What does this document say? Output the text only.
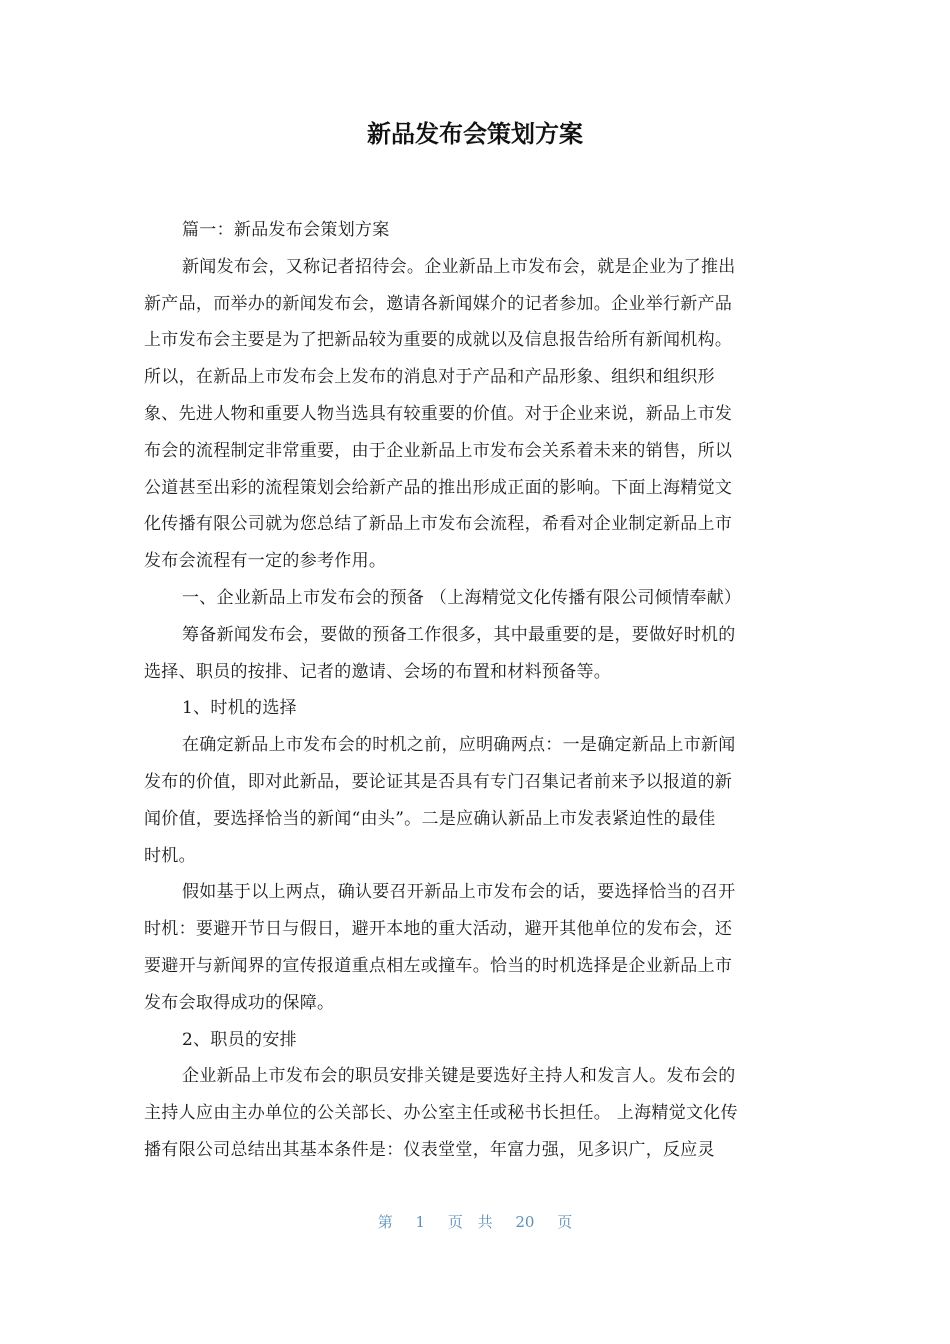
新品发布会策划方案
篇一：新品发布会策划方案
新闻发布会，又称记者招待会。企业新品上市发布会，就是企业为了推出
新产品，而举办的新闻发布会，邀请各新闻媒介的记者参加。企业举行新产品
上市发布会主要是为了把新品较为重要的成就以及信息报告给所有新闻机构。
所以，在新品上市发布会上发布的消息对于产品和产品形象、组织和组织形
象、先进人物和重要人物当选具有较重要的价值。对于企业来说，新品上市发
布会的流程制定非常重要，由于企业新品上市发布会关系着未来的销售，所以
公道甚至出彩的流程策划会给新产品的推出形成正面的影响。下面上海精觉文
化传播有限公司就为您总结了新品上市发布会流程，希看对企业制定新品上市
发布会流程有一定的参考作用。
一、企业新品上市发布会的预备 （上海精觉文化传播有限公司倾情奉献）
筹备新闻发布会，要做的预备工作很多，其中最重要的是，要做好时机的
选择、职员的按排、记者的邀请、会场的布置和材料预备等。
1、时机的选择
在确定新品上市发布会的时机之前，应明确两点：一是确定新品上市新闻
发布的价值，即对此新品，要论证其是否具有专门召集记者前来予以报道的新
闻价值，要选择恰当的新闻“由头”。二是应确认新品上市发表紧迫性的最佳
时机。
假如基于以上两点，确认要召开新品上市发布会的话，要选择恰当的召开
时机：要避开节日与假日，避开本地的重大活动，避开其他单位的发布会，还
要避开与新闻界的宣传报道重点相左或撞车。恰当的时机选择是企业新品上市
发布会取得成功的保障。
2、职员的安排
企业新品上市发布会的职员安排关键是要选好主持人和发言人。发布会的
主持人应由主办单位的公关部长、办公室主任或秘书长担任。 上海精觉文化传
播有限公司总结出其基本条件是：仪表堂堂，年富力强，见多识广，反应灵
第 1 页 共 20 页
